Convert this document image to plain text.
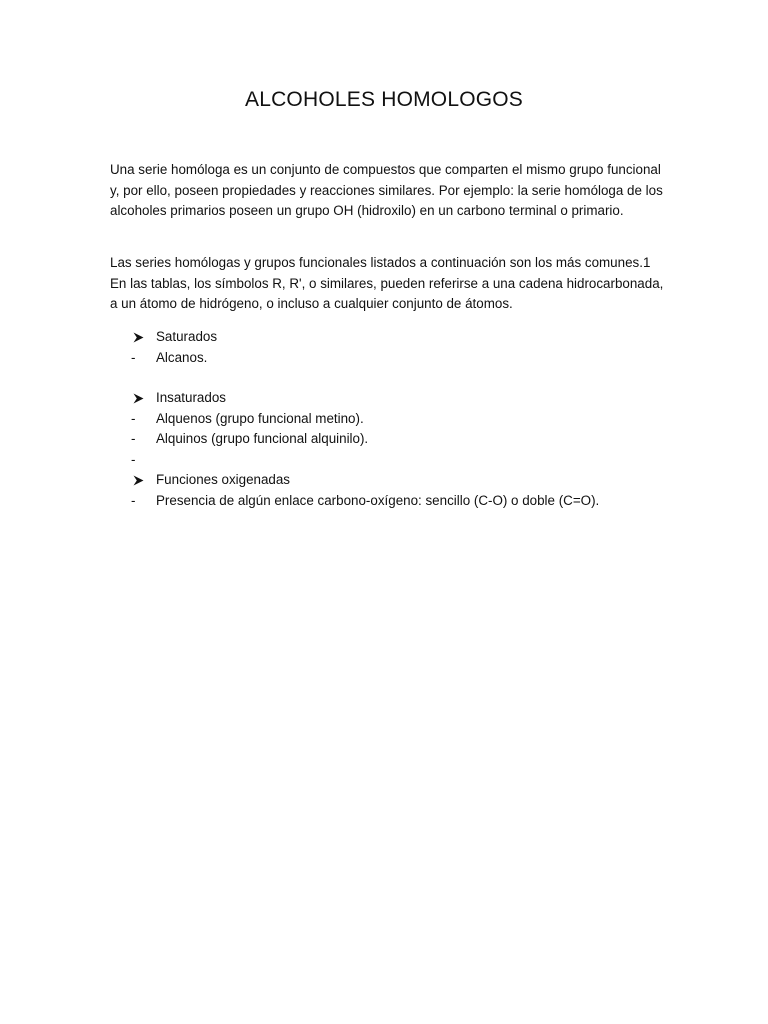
ALCOHOLES HOMOLOGOS
Una serie homóloga es un conjunto de compuestos que comparten el mismo grupo funcional y, por ello, poseen propiedades y reacciones similares. Por ejemplo: la serie homóloga de los alcoholes primarios poseen un grupo OH (hidroxilo) en un carbono terminal o primario.
Las series homólogas y grupos funcionales listados a continuación son los más comunes.1 En las tablas, los símbolos R, R', o similares, pueden referirse a una cadena hidrocarbonada, a un átomo de hidrógeno, o incluso a cualquier conjunto de átomos.
Saturados
-	Alcanos.
Insaturados
-	Alquenos (grupo funcional metino).
-	Alquinos (grupo funcional alquinilo).
-
Funciones oxigenadas
-	Presencia de algún enlace carbono-oxígeno: sencillo (C-O) o doble (C=O).
